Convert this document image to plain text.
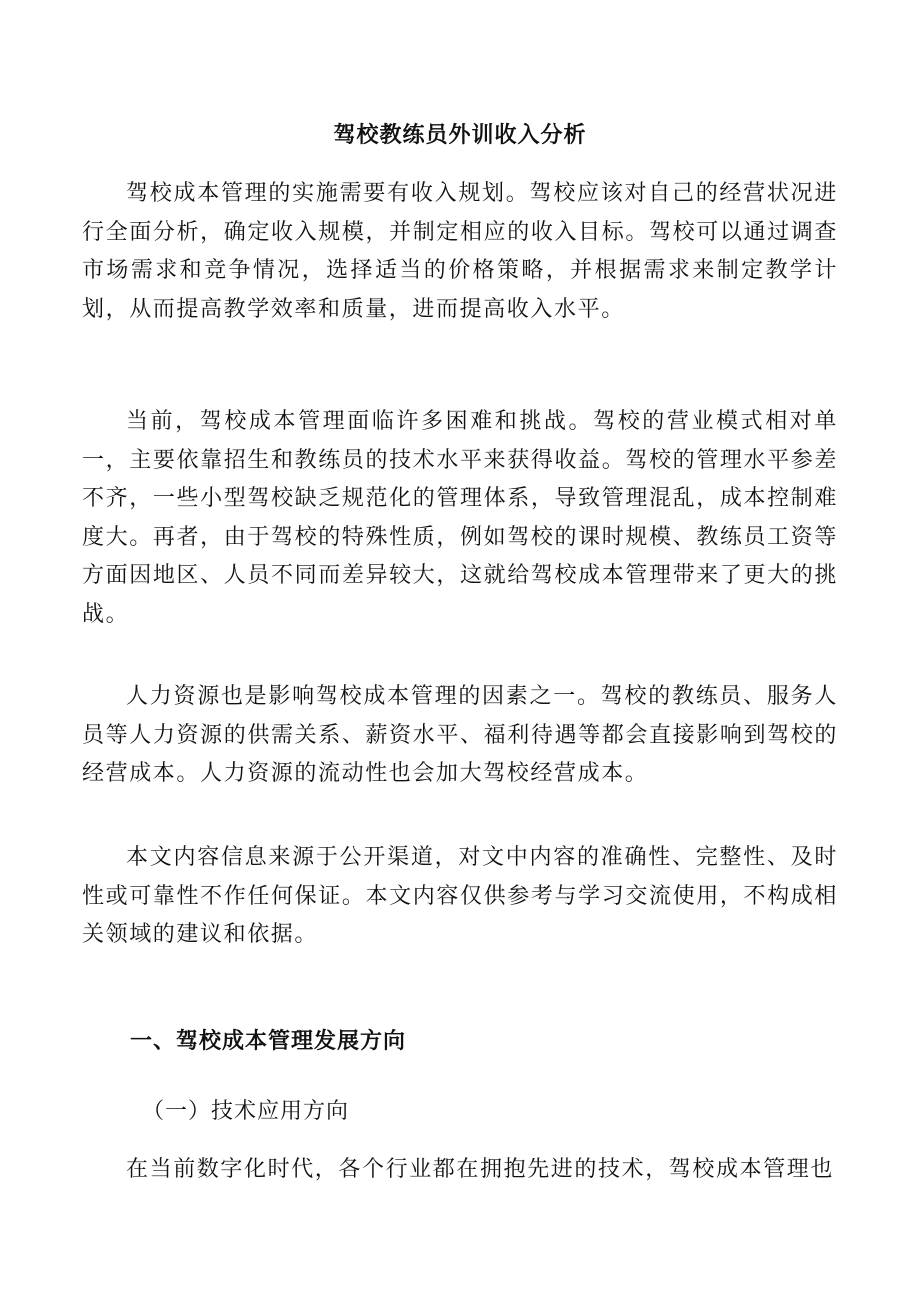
驾校教练员外训收入分析
驾校成本管理的实施需要有收入规划。驾校应该对自己的经营状况进行全面分析，确定收入规模，并制定相应的收入目标。驾校可以通过调查市场需求和竞争情况，选择适当的价格策略，并根据需求来制定教学计划，从而提高教学效率和质量，进而提高收入水平。
当前，驾校成本管理面临许多困难和挑战。驾校的营业模式相对单一，主要依靠招生和教练员的技术水平来获得收益。驾校的管理水平参差不齐，一些小型驾校缺乏规范化的管理体系，导致管理混乱，成本控制难度大。再者，由于驾校的特殊性质，例如驾校的课时规模、教练员工资等方面因地区、人员不同而差异较大，这就给驾校成本管理带来了更大的挑战。
人力资源也是影响驾校成本管理的因素之一。驾校的教练员、服务人员等人力资源的供需关系、薪资水平、福利待遇等都会直接影响到驾校的经营成本。人力资源的流动性也会加大驾校经营成本。
本文内容信息来源于公开渠道，对文中内容的准确性、完整性、及时性或可靠性不作任何保证。本文内容仅供参考与学习交流使用，不构成相关领域的建议和依据。
一、驾校成本管理发展方向
（一）技术应用方向
在当前数字化时代，各个行业都在拥抱先进的技术，驾校成本管理也
